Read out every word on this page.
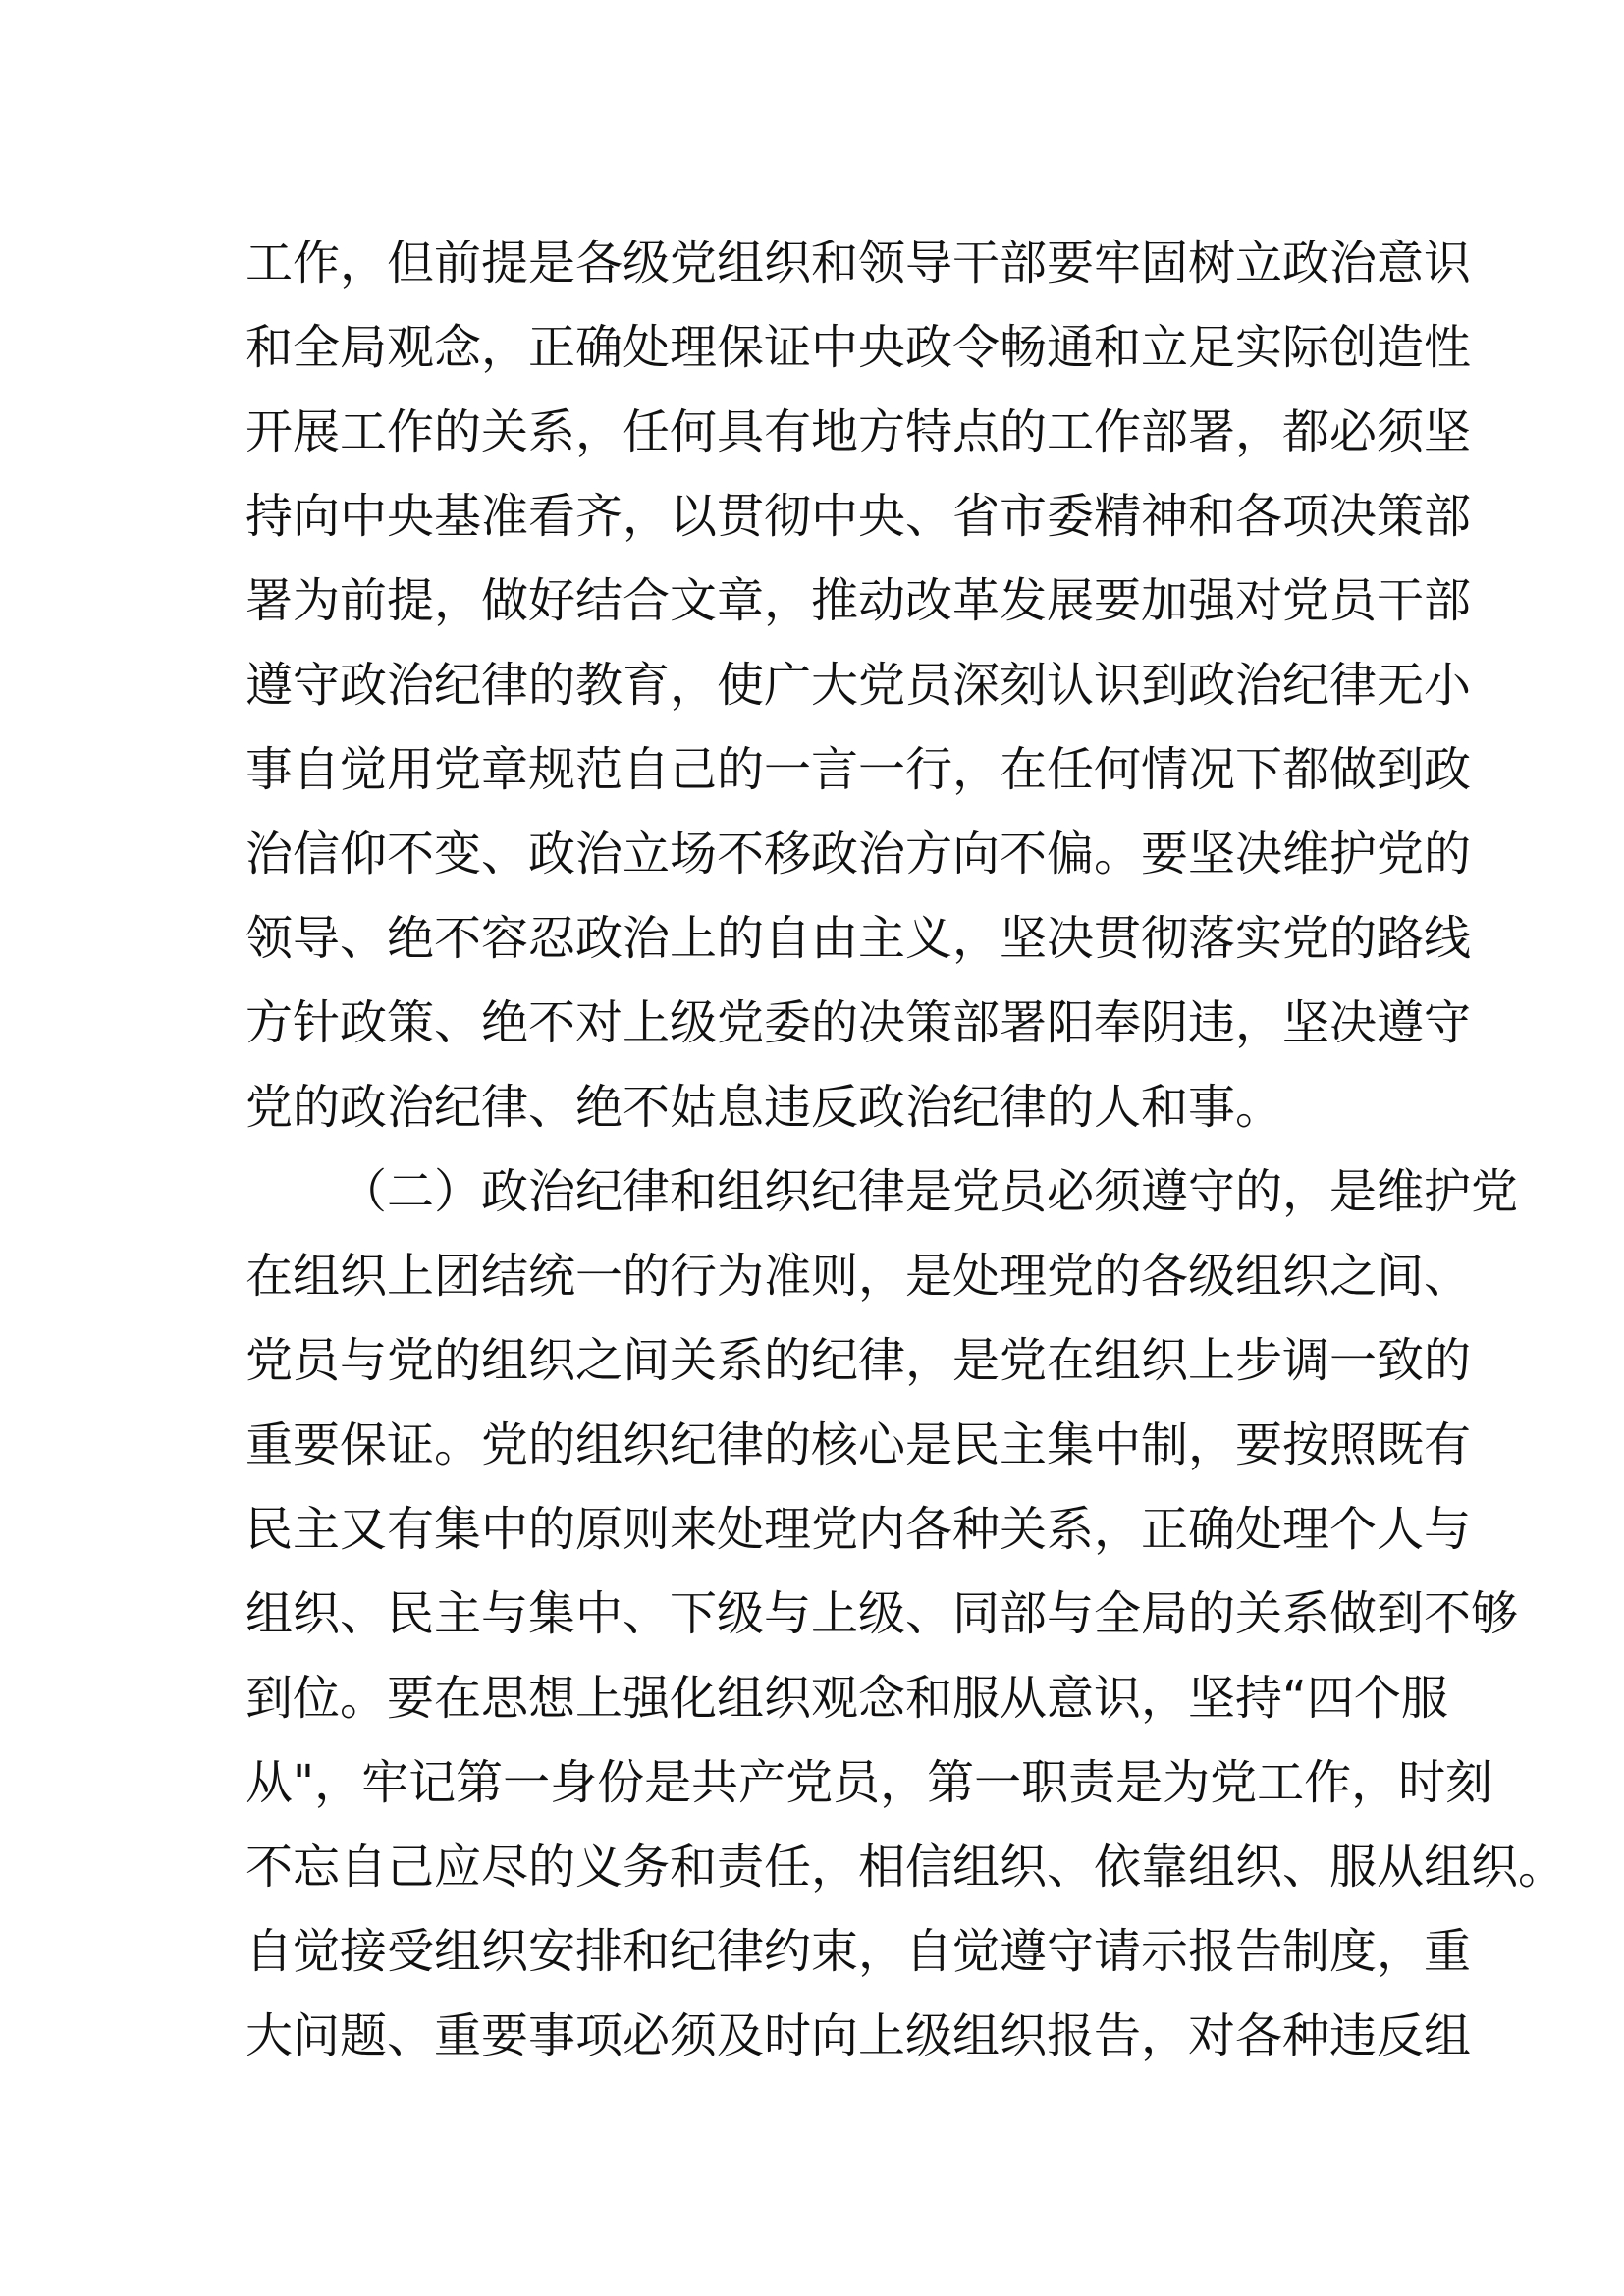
工作，但前提是各级党组织和领导干部要牢固树立政治意识
和全局观念，正确处理保证中央政令畅通和立足实际创造性
开展工作的关系，任何具有地方特点的工作部署，都必须坚
持向中央基准看齐，以贯彻中央、省市委精神和各项决策部
署为前提，做好结合文章，推动改革发展要加强对党员干部
遵守政治纪律的教育，使广大党员深刻认识到政治纪律无小
事自觉用党章规范自己的一言一行，在任何情况下都做到政
治信仰不变、政治立场不移政治方向不偏。要坚决维护党的
领导、绝不容忍政治上的自由主义，坚决贯彻落实党的路线
方针政策、绝不对上级党委的决策部署阳奉阴违，坚决遵守
党的政治纪律、绝不姑息违反政治纪律的人和事。
（二）政治纪律和组织纪律是党员必须遵守的，是维护党
在组织上团结统一的行为准则，是处理党的各级组织之间、
党员与党的组织之间关系的纪律，是党在组织上步调一致的
重要保证。党的组织纪律的核心是民主集中制，要按照既有
民主又有集中的原则来处理党内各种关系，正确处理个人与
组织、民主与集中、下级与上级、同部与全局的关系做到不够
到位。要在思想上强化组织观念和服从意识，坚持“四个服
从"，牢记第一身份是共产党员，第一职责是为党工作，时刻
不忘自己应尽的义务和责任，相信组织、依靠组织、服从组织。
自觉接受组织安排和纪律约束，自觉遵守请示报告制度，重
大问题、重要事项必须及时向上级组织报告，对各种违反组
